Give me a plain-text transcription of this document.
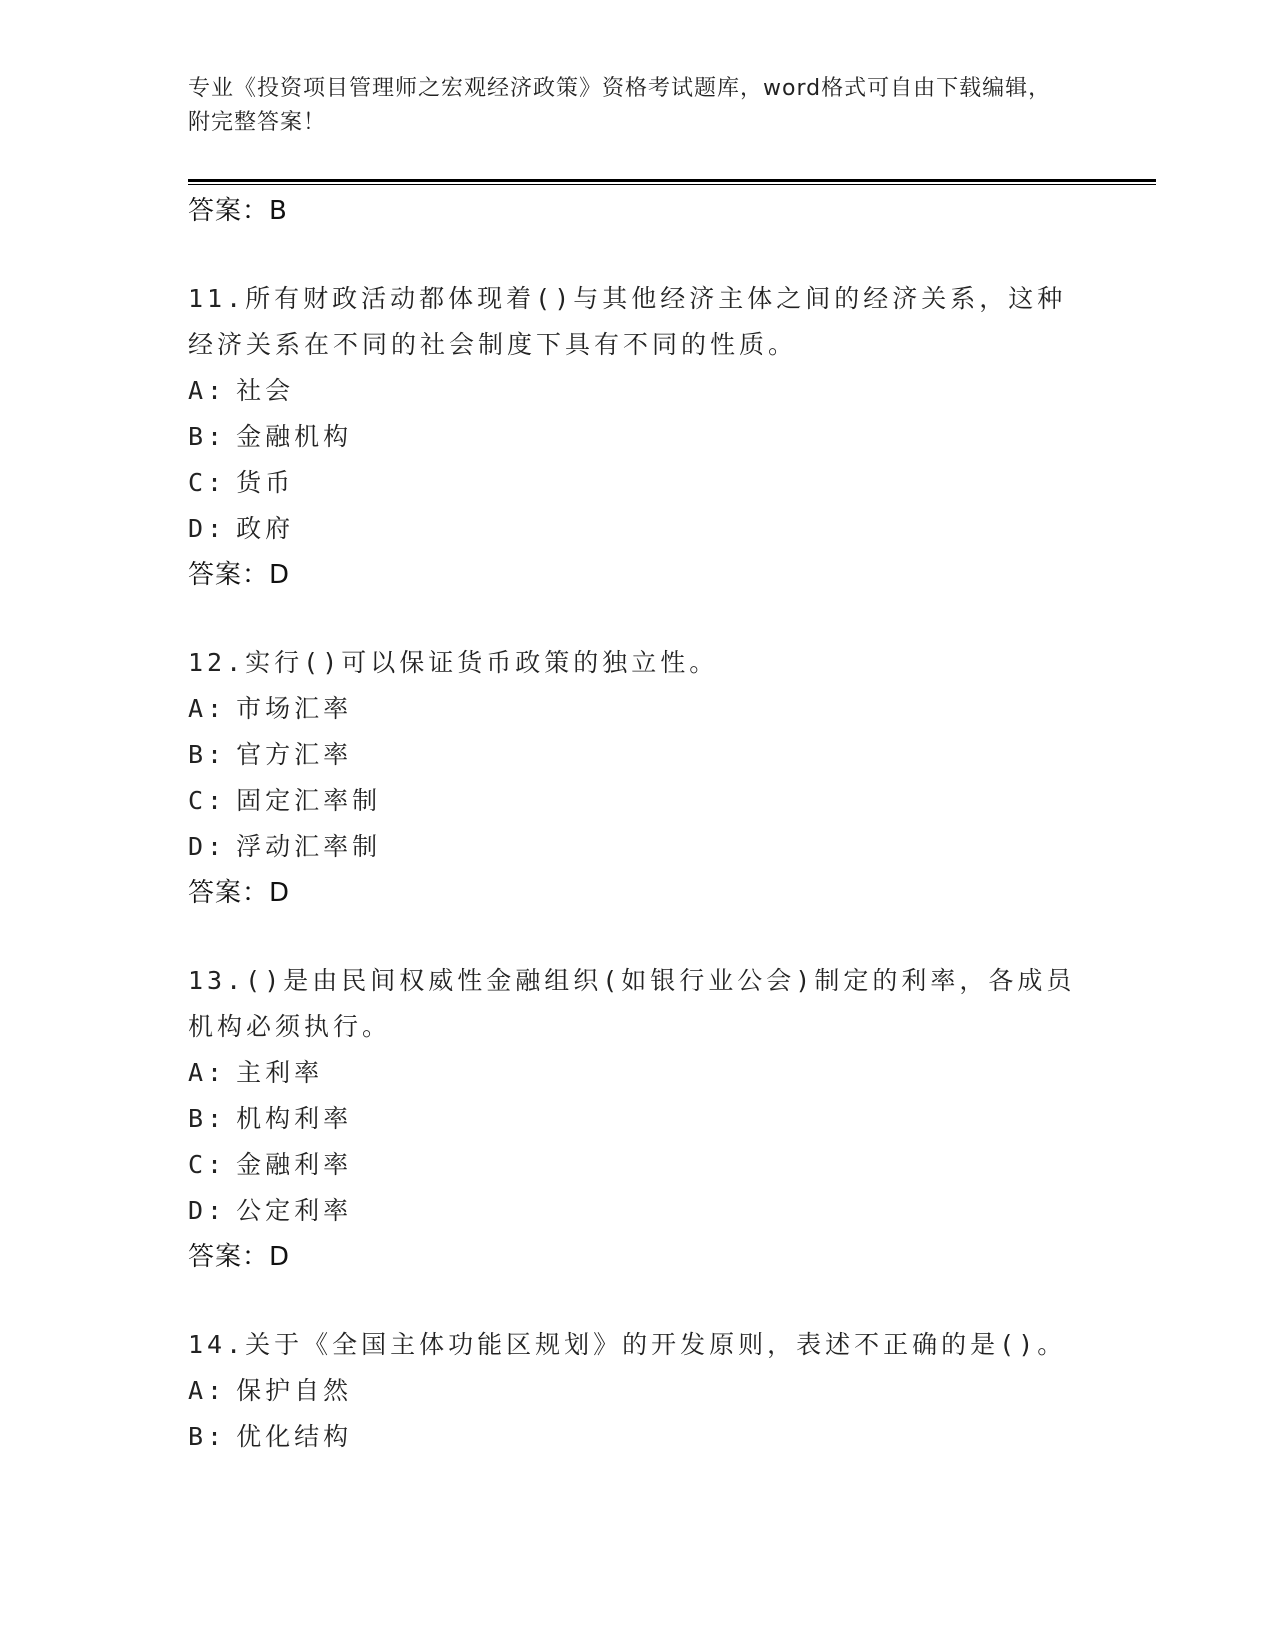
专业《投资项目管理师之宏观经济政策》资格考试题库，word格式可自由下载编辑，附完整答案！
答案：B
11.所有财政活动都体现着()与其他经济主体之间的经济关系，这种经济关系在不同的社会制度下具有不同的性质。
A: 社会
B: 金融机构
C: 货币
D: 政府
答案：D
12.实行()可以保证货币政策的独立性。
A: 市场汇率
B: 官方汇率
C: 固定汇率制
D: 浮动汇率制
答案：D
13.()是由民间权威性金融组织(如银行业公会)制定的利率，各成员机构必须执行。
A: 主利率
B: 机构利率
C: 金融利率
D: 公定利率
答案：D
14.关于《全国主体功能区规划》的开发原则，表述不正确的是()。
A: 保护自然
B: 优化结构
